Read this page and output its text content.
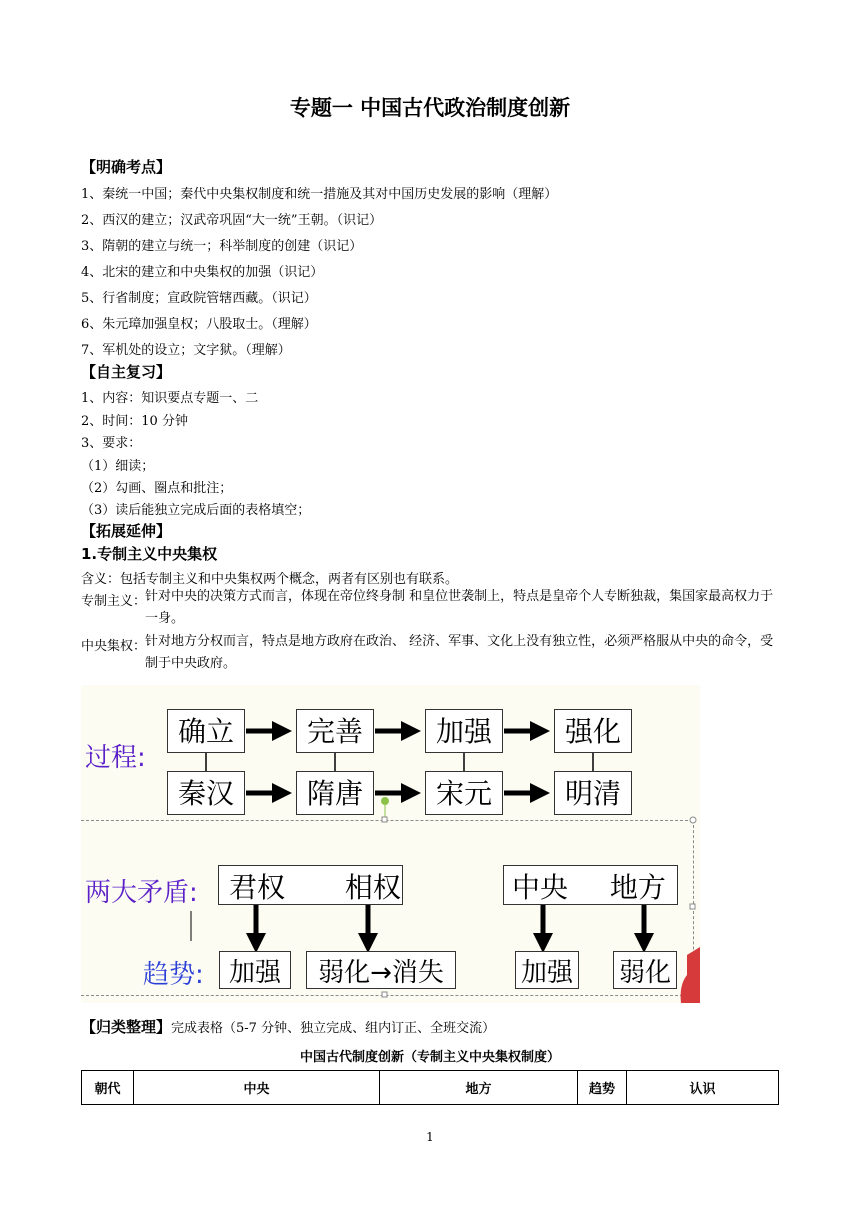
专题一 中国古代政治制度创新
【明确考点】
1、秦统一中国；秦代中央集权制度和统一措施及其对中国历史发展的影响（理解）
2、西汉的建立；汉武帝巩固“大一统”王朝。（识记）
3、隋朝的建立与统一；科举制度的创建（识记）
4、北宋的建立和中央集权的加强（识记）
5、行省制度；宣政院管辖西藏。（识记）
6、朱元璋加强皇权；八股取士。（理解）
7、军机处的设立；文字狱。（理解）
【自主复习】
1、内容：知识要点专题一、二
2、时间：10 分钟
3、要求：
（1）细读；
（2）勾画、圈点和批注；
（3）读后能独立完成后面的表格填空；
【拓展延伸】
1.专制主义中央集权
含义：包括专制主义和中央集权两个概念，两者有区别也有联系。
专制主义：
针对中央的决策方式而言，体现在帝位终身制 和皇位世袭制上，特点是皇帝个人专断独裁，集国家最高权力于一身。
中央集权：
针对地方分权而言，特点是地方政府在政治、 经济、军事、文化上没有独立性，必须严格服从中央的命令，受制于中央政府。
过程:
确立	完善	加强	强化
秦汉	隋唐	宋元	明清
两大矛盾:	君权 相权	中央 地方
趋势: 加强	弱化→消失	加强 弱化
【归类整理】完成表格（5-7 分钟、独立完成、组内订正、全班交流）
中国古代制度创新（专制主义中央集权制度）
朝代	中央	地方	趋势	认识
1
